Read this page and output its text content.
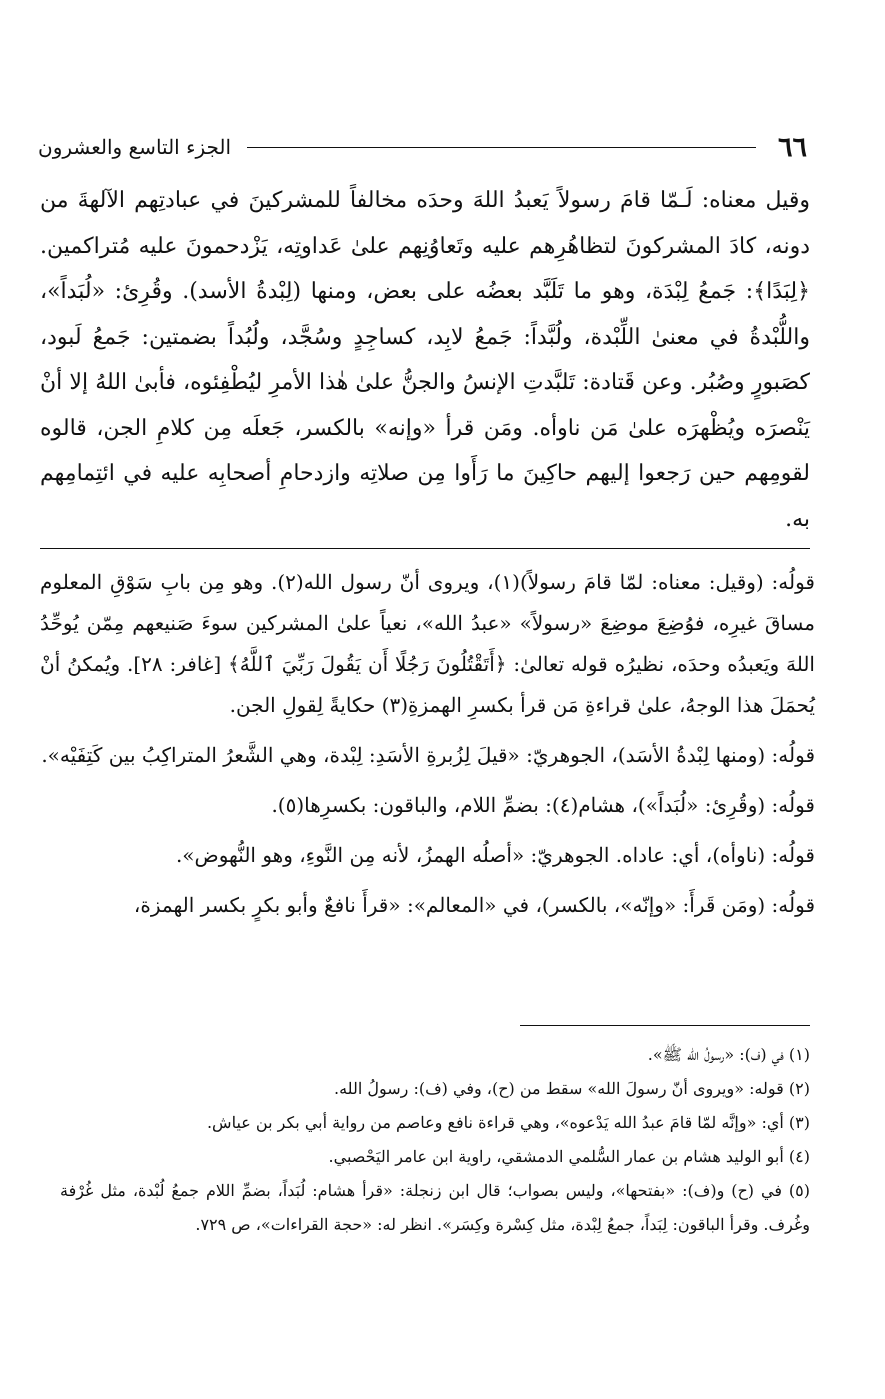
٦٦
الجزء التاسع والعشرون

وقيل معناه: لَـمّا قامَ رسولاً يَعبدُ اللهَ وحدَه مخالفاً للمشركينَ في عبادتِهم الآلهةَ من دونه، كادَ المشركونَ لتظاهُرِهم عليه وتَعاوُنِهم علىٰ عَداوتِه، يَزْدحمونَ عليه مُتراكمين. ﴿لِبَدًا﴾: جَمعُ لِبْدَة، وهو ما تَلَبَّد بعضُه على بعض، ومنها (لِبْدةُ الأسد). وقُرِئ: «لُبَداً»، واللُّبْدةُ في معنىٰ اللِّبْدة، ولُبَّداً: جَمعُ لابِد، كساجِدٍ وسُجَّد، ولُبُداً بضمتين: جَمعُ لَبود، كصَبورٍ وصُبُر. وعن قَتادة: تَلبَّدتِ الإنسُ والجنُّ علىٰ هٰذا الأمرِ ليُطْفِئوه، فأبىٰ اللهُ إلا أنْ يَنْصرَه ويُظْهرَه علىٰ مَن ناوأه. ومَن قرأ «وإنه» بالكسر، جَعلَه مِن كلامِ الجن، قالوه لقومِهم حين رَجعوا إليهم حاكِينَ ما رَأَوا مِن صلاتِه وازدحامِ أصحابِه عليه في ائتِمامِهم به.

قولُه: (وقيل: معناه: لمّا قامَ رسولاً)(١)، ويروى أنّ رسول الله(٢). وهو مِن بابِ سَوْقِ المعلوم مساقَ غيرِه، فوُضِعَ موضِعَ «رسولاً» «عبدُ الله»، نعياً علىٰ المشركين سوءَ صَنيعهم مِمّن يُوحِّدُ اللهَ ويَعبدُه وحدَه، نظيرُه قوله تعالىٰ: ﴿أَتَقْتُلُونَ رَجُلًا أَن يَقُولَ رَبِّيَ ٱللَّهُ﴾ [غافر: ٢٨]. ويُمكنُ أنْ يُحمَلَ هذا الوجهُ، علىٰ قراءةِ مَن قرأ بكسرِ الهمزةِ(٣) حكايةً لِقولِ الجن.

قولُه: (ومنها لِبْدةُ الأسَد)، الجوهريّ: «قيلَ لِزُبرةِ الأسَدِ: لِبْدة، وهي الشَّعرُ المتراكِبُ بين كَتِفَيْه».

قولُه: (وقُرِئ: «لُبَداً»)، هشام(٤): بضمِّ اللام، والباقون: بكسرِها(٥).

قولُه: (ناوأه)، أي: عاداه. الجوهريّ: «أصلُه الهمزُ، لأنه مِن النَّوءِ، وهو النُّهوض».

قولُه: (ومَن قَرأَ: «وإنّه»، بالكسر)، في «المعالم»: «قرأَ نافعٌ وأبو بكرٍ بكسر الهمزة،

(١) في (ف): «رسولُ الله ﷺ».

(٢) قوله: «ويروى أنّ رسولَ الله» سقط من (ح)، وفي (ف): رسولُ الله.

(٣) أي: «وإنَّه لمّا قامَ عبدُ الله يَدْعوه»، وهي قراءة نافع وعاصم من رواية أبي بكر بن عياش.

(٤) أبو الوليد هشام بن عمار السُّلمي الدمشقي، راوية ابن عامر اليَحْصبي.

(٥) في (ح) و(ف): «بفتحها»، وليس بصواب؛ قال ابن زنجلة: «قرأ هشام: لُبَداً، بضمِّ اللام جمعُ لُبْدة، مثل غُرْفة وغُرف. وقرأ الباقون: لِبَداً، جمعُ لِبْدة، مثل كِسْرة وكِسَر». انظر له: «حجة القراءات»، ص ٧٢٩.
